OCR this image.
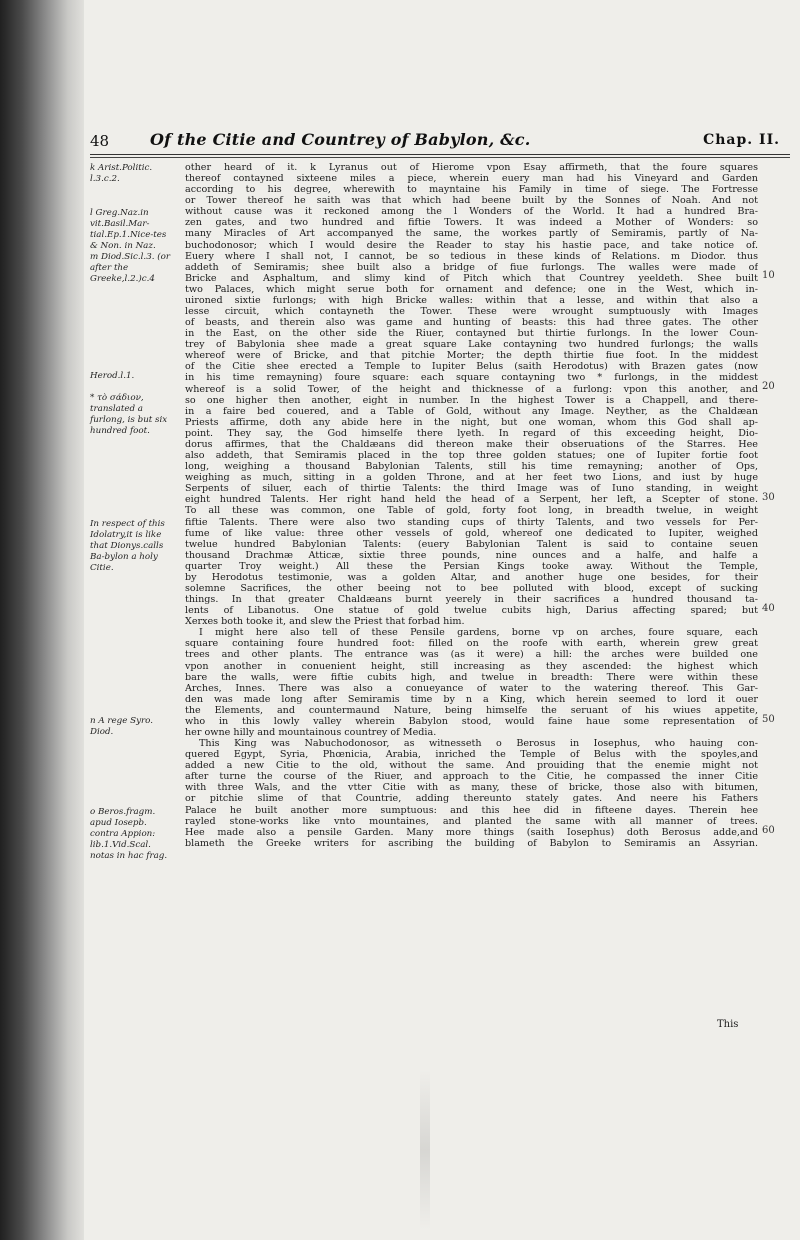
48	Of the Citie and Countrey of Babylon, &c.	Chap. II.
k Arist.Politic. l.3.c.2.
l Greg.Naz.in vit.Basil.Mar-tial.Ep.1.Nice-tes & Non. in Naz.
m Diod.Sic.l.3. (or after the Greeke,l.2.)c.4
Herod.l.1.
* τὸ σάδιον, translated a furlong, is but six hundred foot.
In respect of this Idolatry,it is like that Dionys.calls Ba-bylon a holy Citie.
n A rege Syro. Diod.
o Beros.fragm. apud Iosepb. contra Appion: lib.1.Vid.Scal. notas in hac frag.
other heard of it. k Lyranus out of Hierome vpon Esay affirmeth, that the foure squares
thereof contayned sixteene miles a piece, wherein euery man had his Vineyard and Garden
according to his degree, wherewith to mayntaine his Family in time of siege. The Fortresse
or Tower thereof he saith was that which had beene built by the Sonnes of Noah. And not
without cause was it reckoned among the l Wonders of the World. It had a hundred Bra-
zen gates, and two hundred and fiftie Towers. It was indeed a Mother of Wonders: so
many Miracles of Art accompanyed the same, the workes partly of Semiramis, partly of Na-
buchodonosor; which I would desire the Reader to stay his hastie pace, and take notice of.
Euery where I shall not, I cannot, be so tedious in these kinds of Relations. m Diodor. thus
addeth of Semiramis; shee built also a bridge of fiue furlongs. The walles were made of
Bricke and Asphaltum, and slimy kind of Pitch which that Countrey yeeldeth. Shee built
two Palaces, which might serue both for ornament and defence; one in the West, which in-
uironed sixtie furlongs; with high Bricke walles: within that a lesse, and within that also a
lesse circuit, which contayneth the Tower. These were wrought sumptuously with Images
of beasts, and therein also was game and hunting of beasts: this had three gates. The other
in the East, on the other side the Riuer, contayned but thirtie furlongs. In the lower Coun-
trey of Babylonia shee made a great square Lake contayning two hundred furlongs; the walls
whereof were of Bricke, and that pitchie Morter; the depth thirtie fiue foot. In the middest
of the Citie shee erected a Temple to Iupiter Belus (saith Herodotus) with Brazen gates (now
in his time remayning) foure square: each square contayning two * furlongs, in the middest
whereof is a solid Tower, of the height and thicknesse of a furlong: vpon this another, and
so one higher then another, eight in number. In the highest Tower is a Chappell, and there-
in a faire bed couered, and a Table of Gold, without any Image. Neyther, as the Chaldæan
Priests affirme, doth any abide here in the night, but one woman, whom this God shall ap-
point. They say, the God himselfe there lyeth. In regard of this exceeding height, Dio-
dorus affirmes, that the Chaldæans did thereon make their obseruations of the Starres. Hee
also addeth, that Semiramis placed in the top three golden statues; one of Iupiter fortie foot
long, weighing a thousand Babylonian Talents, still his time remayning; another of Ops,
weighing as much, sitting in a golden Throne, and at her feet two Lions, and iust by huge
Serpents of siluer, each of thirtie Talents: the third Image was of Iuno standing, in weight
eight hundred Talents. Her right hand held the head of a Serpent, her left, a Scepter of stone.
To all these was common, one Table of gold, forty foot long, in breadth twelue, in weight
fiftie Talents. There were also two standing cups of thirty Talents, and two vessels for Per-
fume of like value: three other vessels of gold, whereof one dedicated to Iupiter, weighed
twelue hundred Babylonian Talents: (euery Babylonian Talent is said to containe seuen
thousand Drachmæ Atticæ, sixtie three pounds, nine ounces and a halfe, and halfe a
quarter Troy weight.) All these the Persian Kings tooke away. Without the Temple,
by Herodotus testimonie, was a golden Altar, and another huge one besides, for their
solemne Sacrifices, the other beeing not to bee polluted with blood, except of sucking
things. In that greater Chaldæans burnt yeerely in their sacrifices a hundred thousand ta-
lents of Libanotus. One statue of gold twelue cubits high, Darius affecting spared; but
Xerxes both tooke it, and slew the Priest that forbad him.
I might here also tell of these Pensile gardens, borne vp on arches, foure square, each
square containing foure hundred foot: filled on the roofe with earth, wherein grew great
trees and other plants. The entrance was (as it were) a hill: the arches were builded one
vpon another in conuenient height, still increasing as they ascended: the highest which
bare the walls, were fiftie cubits high, and twelue in breadth: There were within these
Arches, Innes. There was also a conueyance of water to the watering thereof. This Gar-
den was made long after Semiramis time by n a King, which herein seemed to lord it ouer
the Elements, and countermaund Nature, being himselfe the seruant of his wiues appetite,
who in this lowly valley wherein Babylon stood, would faine haue some representation of
her owne hilly and mountainous countrey of Media.
This King was Nabuchodonosor, as witnesseth o Berosus in Iosephus, who hauing con-
quered Egypt, Syria, Phœnicia, Arabia, inriched the Temple of Belus with the spoyles,and
added a new Citie to the old, without the same. And prouiding that the enemie might not
after turne the course of the Riuer, and approach to the Citie, he compassed the inner Citie
with three Wals, and the vtter Citie with as many, these of bricke, those also with bitumen,
or pitchie slime of that Countrie, adding thereunto stately gates. And neere his Fathers
Palace he built another more sumptuous: and this hee did in fifteene dayes. Therein hee
rayled stone-works like vnto mountaines, and planted the same with all manner of trees.
Hee made also a pensile Garden. Many more things (saith Iosephus) doth Berosus adde,and
blameth the Greeke writers for ascribing the building of Babylon to Semiramis an Assyrian.
10
20
30
40
50
60
This
